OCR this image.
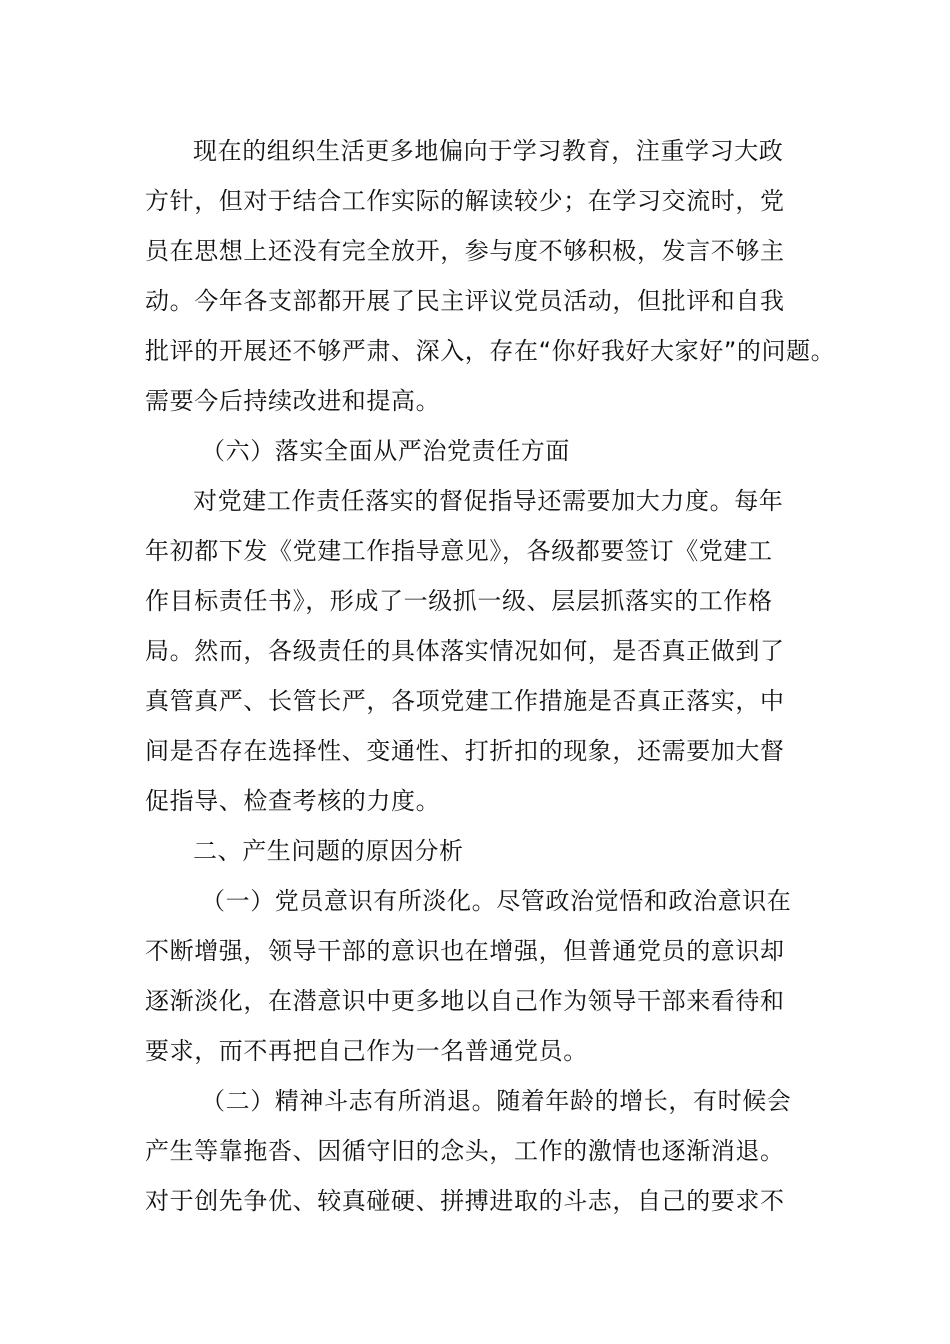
现在的组织生活更多地偏向于学习教育，注重学习大政
方针，但对于结合工作实际的解读较少；在学习交流时，党
员在思想上还没有完全放开，参与度不够积极，发言不够主
动。今年各支部都开展了民主评议党员活动，但批评和自我
批评的开展还不够严肃、深入，存在“你好我好大家好”的问题。
需要今后持续改进和提高。
（六）落实全面从严治党责任方面
对党建工作责任落实的督促指导还需要加大力度。每年
年初都下发《党建工作指导意见》，各级都要签订《党建工
作目标责任书》，形成了一级抓一级、层层抓落实的工作格
局。然而，各级责任的具体落实情况如何，是否真正做到了
真管真严、长管长严，各项党建工作措施是否真正落实，中
间是否存在选择性、变通性、打折扣的现象，还需要加大督
促指导、检查考核的力度。
二、产生问题的原因分析
（一）党员意识有所淡化。尽管政治觉悟和政治意识在
不断增强，领导干部的意识也在增强，但普通党员的意识却
逐渐淡化，在潜意识中更多地以自己作为领导干部来看待和
要求，而不再把自己作为一名普通党员。
（二）精神斗志有所消退。随着年龄的增长，有时候会
产生等靠拖沓、因循守旧的念头，工作的激情也逐渐消退。
对于创先争优、较真碰硬、拼搏进取的斗志，自己的要求不
